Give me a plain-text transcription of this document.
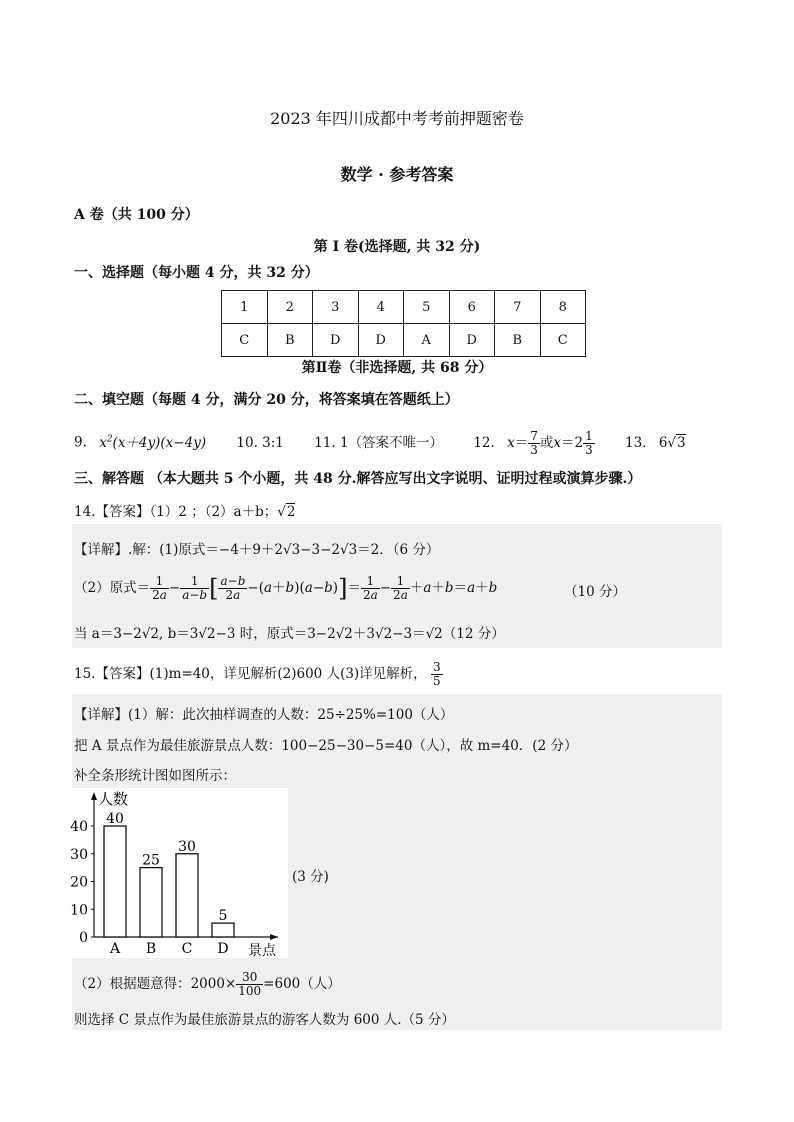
2023 年四川成都中考考前押题密卷
数学 · 参考答案
A 卷（共 100 分）
第 I 卷(选择题, 共 32 分)
一、选择题（每小题 4 分，共 32 分）
1	2	3	4	5	6	7	8
C	B	D	D	A	D	B	C
第Ⅱ卷（非选择题, 共 68 分）
二、填空题（每题 4 分，满分 20 分，将答案填在答题纸上）
9. $x^2(x+4y)(x-4y)$ 10. 3:1 11. 1（答案不唯一） 12. $x= \frac{7}{3}$ 或$x=2 \frac{1}{3} 13$. 6√3
三、解答题 （本大题共 5 个小题，共 48 分.解答应写出文字说明、证明过程或演算步骤.）
14.【答案】（1）2 ；（2）a＋b；√2
【详解】.解：(1)原式＝−4＋9＋2√3−3−2√3＝2．（6 分）
（2）原式＝ $\frac{1}{2a} - \frac{1}{a-b}$ [ $\frac{a-b}{2a} -(a+b)(a-b)]= \frac{1}{2a} - \frac{1}{2a} +a+b=a+b$	（10 分）
当 a＝3−2√2, b＝3√2−3 时，原式＝3−2√2＋3√2−3＝√2（12 分）
15.【答案】(1)m=40，详见解析(2)600 人(3)详见解析， $\frac{3}{5}$
【详解】(1）解：此次抽样调查的人数：25÷25%=100（人）
把 A 景点作为最佳旅游景点人数：100−25−30−5=40（人），故 m=40．(2 分）
补全条形统计图如图所示：
0
10
20
30
40
人数
景点
40
A
25
B
30
C
5
D
(3 分)
（2）根据题意得：$2000\times \frac{30}{100} =600$（人）
则选择 C 景点作为最佳旅游景点的游客人数为 600 人.（5 分）
